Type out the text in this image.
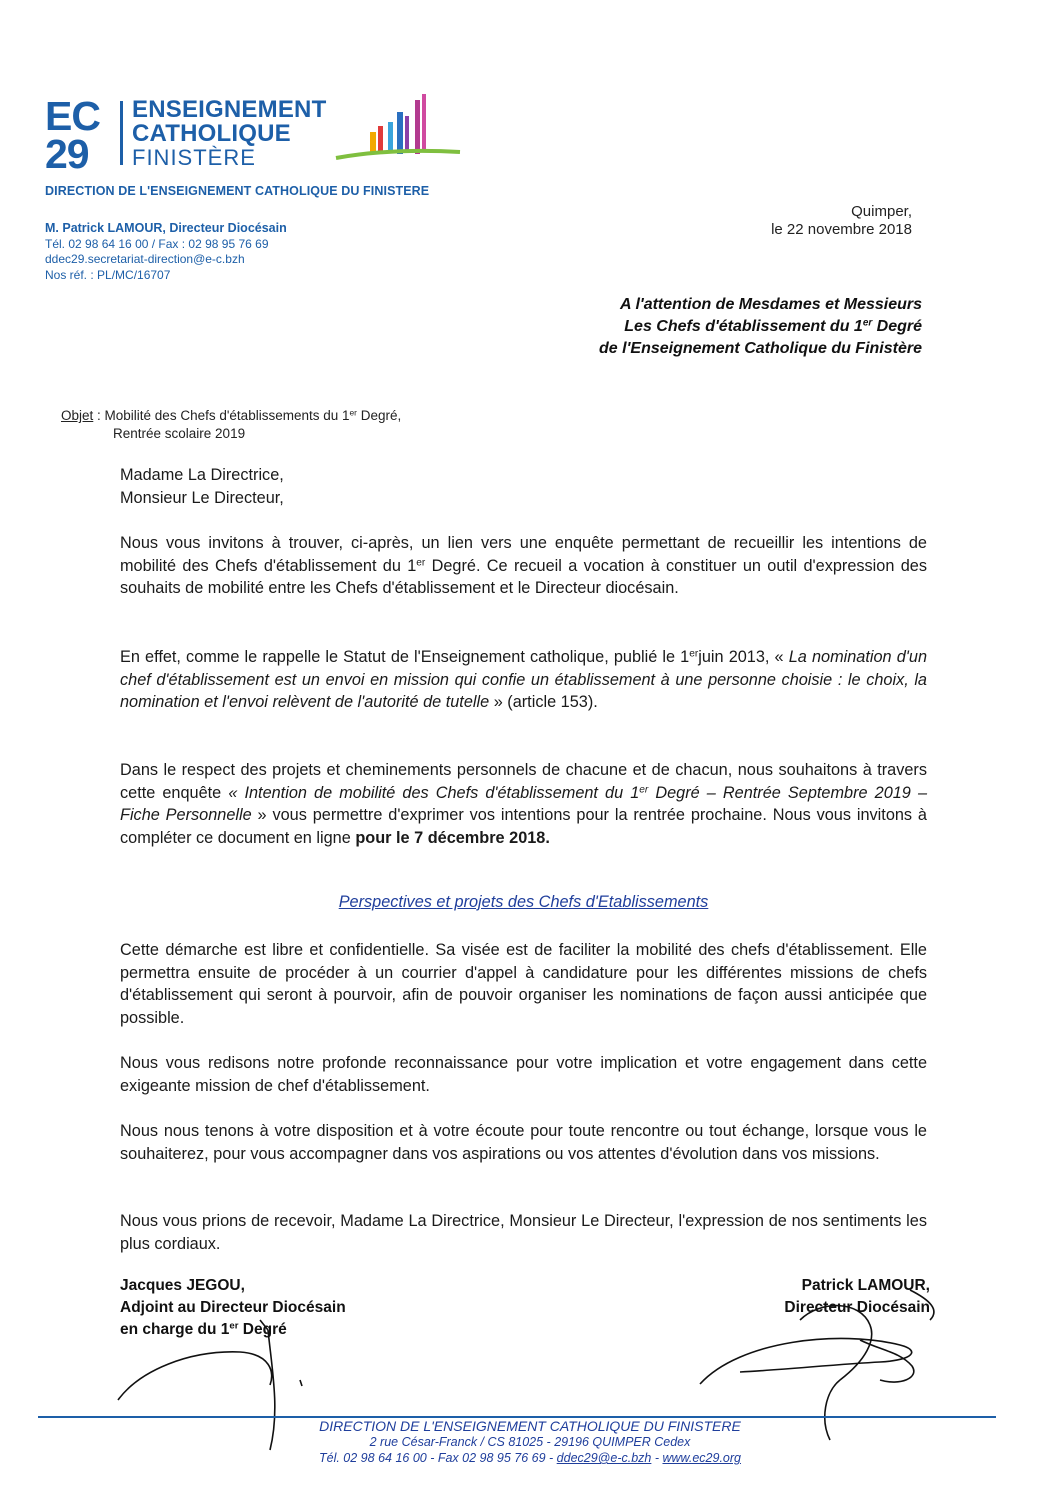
EC
29
ENSEIGNEMENT
CATHOLIQUE
FINISTÈRE
DIRECTION DE L'ENSEIGNEMENT CATHOLIQUE DU FINISTERE
M. Patrick LAMOUR, Directeur Diocésain
Tél. 02 98 64 16 00 / Fax : 02 98 95 76 69
ddec29.secretariat-direction@e-c.bzh
Nos réf. : PL/MC/16707
Quimper,
le 22 novembre 2018
A l'attention de Mesdames et Messieurs
Les Chefs d'établissement du 1er Degré
de l'Enseignement Catholique du Finistère
Objet : Mobilité des Chefs d'établissements du 1er Degré,
Rentrée scolaire 2019
Madame La Directrice,
Monsieur Le Directeur,

Nous vous invitons à trouver, ci-après, un lien vers une enquête permettant de recueillir les intentions de mobilité des Chefs d'établissement du 1er Degré. Ce recueil a vocation à constituer un outil d'expression des souhaits de mobilité entre les Chefs d'établissement et le Directeur diocésain.

En effet, comme le rappelle le Statut de l'Enseignement catholique, publié le 1erjuin 2013, « La nomination d'un chef d'établissement est un envoi en mission qui confie un établissement à une personne choisie : le choix, la nomination et l'envoi relèvent de l'autorité de tutelle » (article 153).

Dans le respect des projets et cheminements personnels de chacune et de chacun, nous souhaitons à travers cette enquête « Intention de mobilité des Chefs d'établissement du 1er Degré – Rentrée Septembre 2019 – Fiche Personnelle » vous permettre d'exprimer vos intentions pour la rentrée prochaine. Nous vous invitons à compléter ce document en ligne pour le 7 décembre 2018.

Perspectives et projets des Chefs d'Etablissements
Cette démarche est libre et confidentielle. Sa visée est de faciliter la mobilité des chefs d'établissement. Elle permettra ensuite de procéder à un courrier d'appel à candidature pour les différentes missions de chefs d'établissement qui seront à pourvoir, afin de pouvoir organiser les nominations de façon aussi anticipée que possible.
Nous vous redisons notre profonde reconnaissance pour votre implication et votre engagement dans cette exigeante mission de chef d'établissement.
Nous nous tenons à votre disposition et à votre écoute pour toute rencontre ou tout échange, lorsque vous le souhaiterez, pour vous accompagner dans vos aspirations ou vos attentes d'évolution dans vos missions.
Nous vous prions de recevoir, Madame La Directrice, Monsieur Le Directeur, l'expression de nos sentiments les plus cordiaux.
Jacques JEGOU,
Adjoint au Directeur Diocésain
en charge du 1er Degré
Patrick LAMOUR,
Directeur Diocésain
DIRECTION DE L'ENSEIGNEMENT CATHOLIQUE DU FINISTERE
2 rue César-Franck / CS 81025 - 29196 QUIMPER Cedex
Tél. 02 98 64 16 00 - Fax 02 98 95 76 69 - ddec29@e-c.bzh - www.ec29.org
